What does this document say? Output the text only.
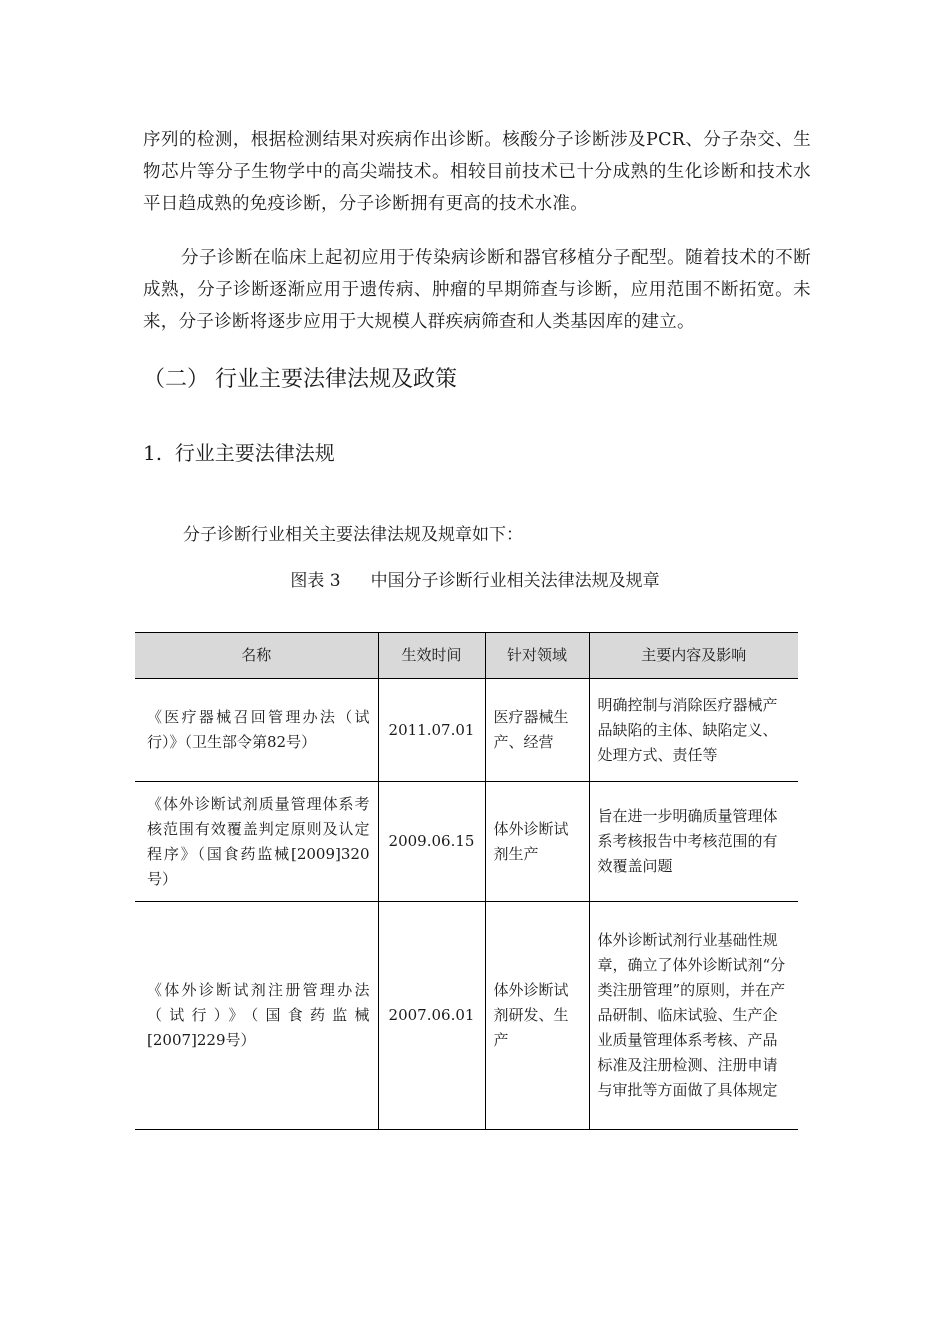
序列的检测，根据检测结果对疾病作出诊断。核酸分子诊断涉及PCR、分子杂交、生物芯片等分子生物学中的高尖端技术。相较目前技术已十分成熟的生化诊断和技术水平日趋成熟的免疫诊断，分子诊断拥有更高的技术水准。

分子诊断在临床上起初应用于传染病诊断和器官移植分子配型。随着技术的不断成熟，分子诊断逐渐应用于遗传病、肿瘤的早期筛查与诊断，应用范围不断拓宽。未来，分子诊断将逐步应用于大规模人群疾病筛查和人类基因库的建立。

（二） 行业主要法律法规及政策
1. 行业主要法律法规

分子诊断行业相关主要法律法规及规章如下：

图表 3 中国分子诊断行业相关法律法规及规章

名称	生效时间	针对领域	主要内容及影响
《医疗器械召回管理办法（试行）》（卫生部令第82号）	2011.07.01	医疗器械生产、经营	明确控制与消除医疗器械产品缺陷的主体、缺陷定义、处理方式、责任等
《体外诊断试剂质量管理体系考核范围有效覆盖判定原则及认定程序》（国食药监械[2009]320号）	2009.06.15	体外诊断试剂生产	旨在进一步明确质量管理体系考核报告中考核范围的有效覆盖问题
《体外诊断试剂注册管理办法（试行）》（国食药监械[2007]229号）	2007.06.01	体外诊断试剂研发、生产	体外诊断试剂行业基础性规章，确立了体外诊断试剂“分类注册管理”的原则，并在产品研制、临床试验、生产企业质量管理体系考核、产品标准及注册检测、注册申请与审批等方面做了具体规定
